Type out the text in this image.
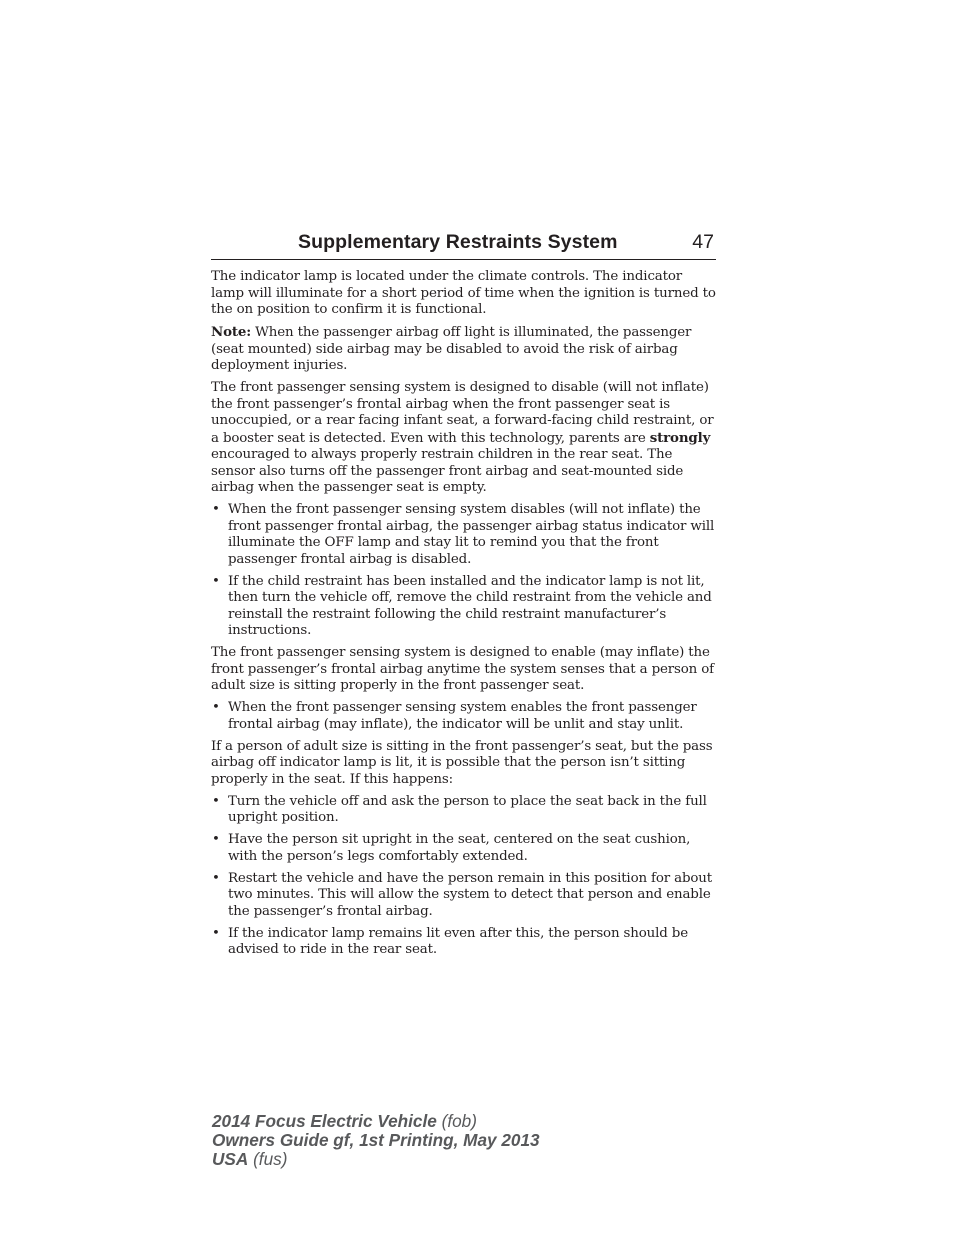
Supplementary Restraints System	47

The indicator lamp is located under the climate controls. The indicator lamp will illuminate for a short period of time when the ignition is turned to the on position to confirm it is functional.

Note: When the passenger airbag off light is illuminated, the passenger (seat mounted) side airbag may be disabled to avoid the risk of airbag deployment injuries.

The front passenger sensing system is designed to disable (will not inflate) the front passenger’s frontal airbag when the front passenger seat is unoccupied, or a rear facing infant seat, a forward-facing child restraint, or a booster seat is detected. Even with this technology, parents are strongly encouraged to always properly restrain children in the rear seat. The sensor also turns off the passenger front airbag and seat-mounted side airbag when the passenger seat is empty.

• When the front passenger sensing system disables (will not inflate) the front passenger frontal airbag, the passenger airbag status indicator will illuminate the OFF lamp and stay lit to remind you that the front passenger frontal airbag is disabled.
• If the child restraint has been installed and the indicator lamp is not lit, then turn the vehicle off, remove the child restraint from the vehicle and reinstall the restraint following the child restraint manufacturer’s instructions.

The front passenger sensing system is designed to enable (may inflate) the front passenger’s frontal airbag anytime the system senses that a person of adult size is sitting properly in the front passenger seat.

• When the front passenger sensing system enables the front passenger frontal airbag (may inflate), the indicator will be unlit and stay unlit.

If a person of adult size is sitting in the front passenger’s seat, but the pass airbag off indicator lamp is lit, it is possible that the person isn’t sitting properly in the seat. If this happens:

• Turn the vehicle off and ask the person to place the seat back in the full upright position.
• Have the person sit upright in the seat, centered on the seat cushion, with the person’s legs comfortably extended.
• Restart the vehicle and have the person remain in this position for about two minutes. This will allow the system to detect that person and enable the passenger’s frontal airbag.
• If the indicator lamp remains lit even after this, the person should be advised to ride in the rear seat.
2014 Focus Electric Vehicle (fob)
Owners Guide gf, 1st Printing, May 2013
USA (fus)
